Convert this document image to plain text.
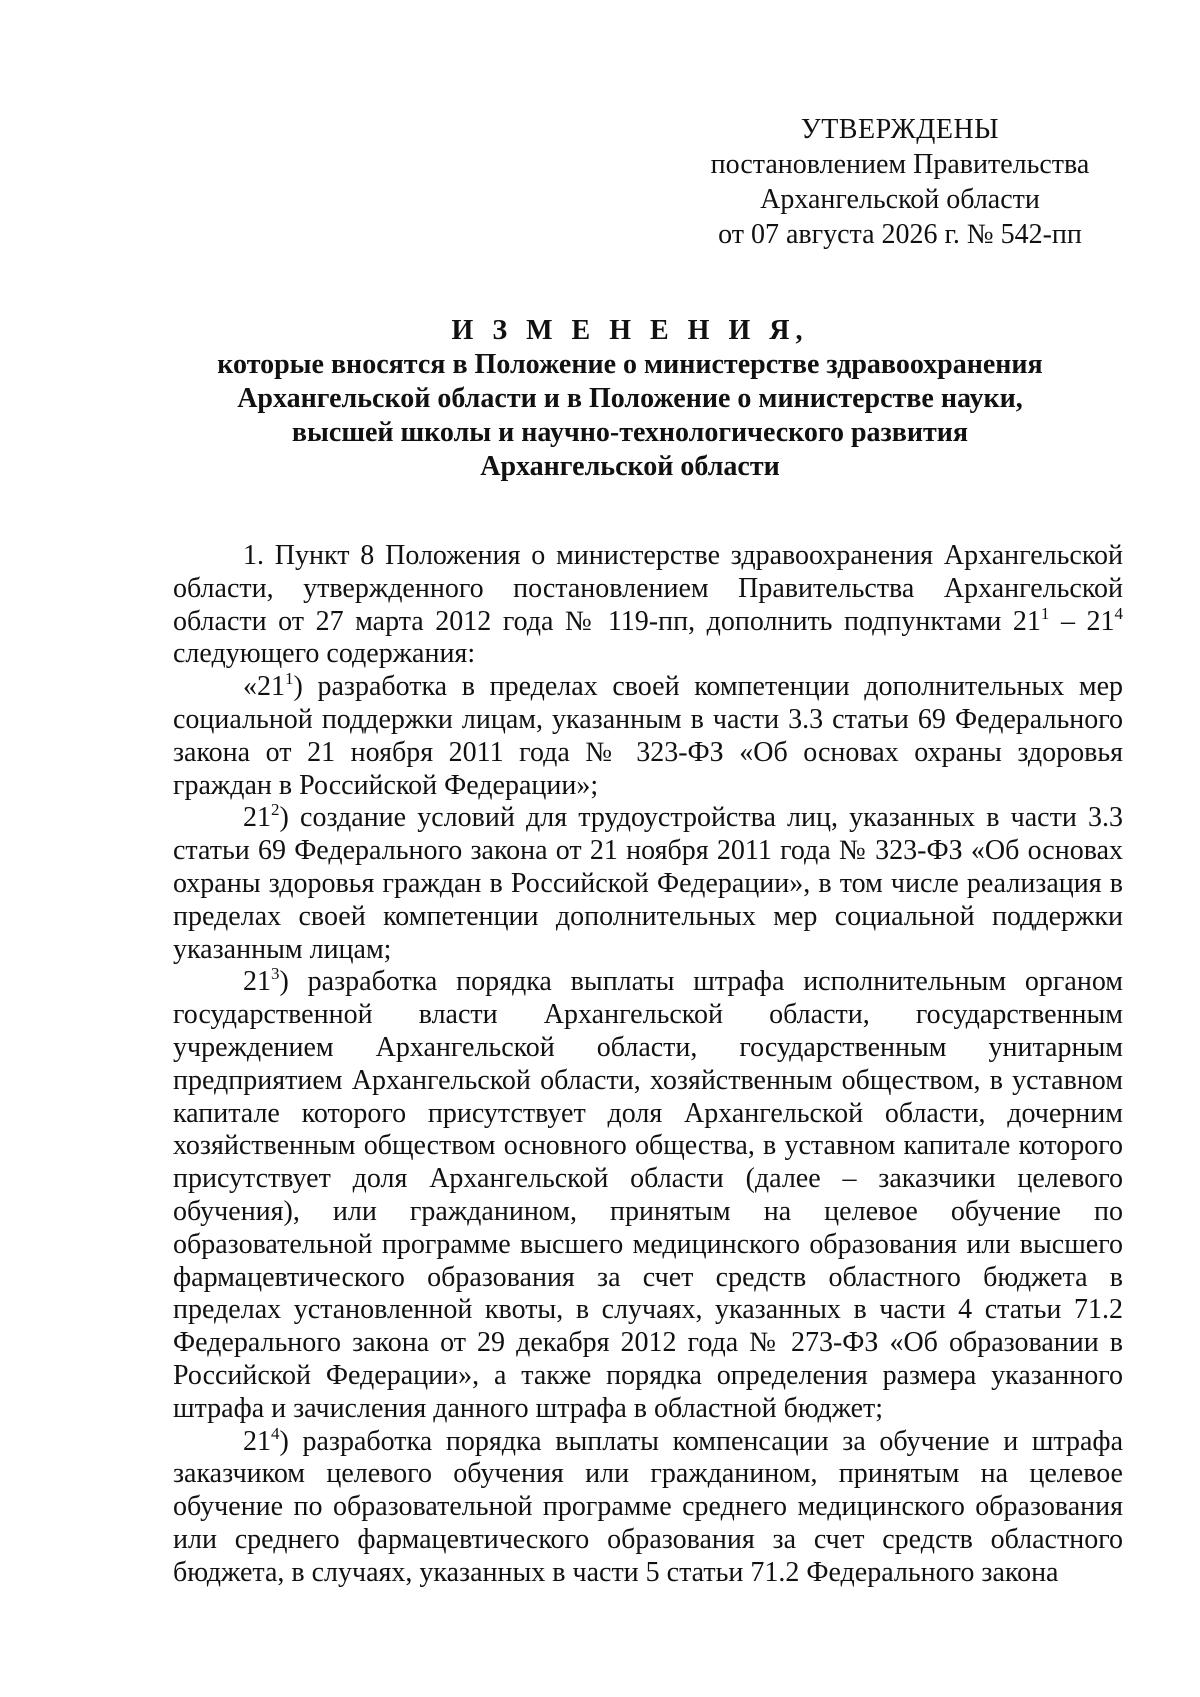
УТВЕРЖДЕНЫ
постановлением Правительства
Архангельской области
от 07 августа 2026 г. № 542-пп
И З М Е Н Е Н И Я,
которые вносятся в Положение о министерстве здравоохранения
Архангельской области и в Положение о министерстве науки,
высшей школы и научно-технологического развития
Архангельской области

1. Пункт 8 Положения о министерстве здравоохранения Архангельской области, утвержденного постановлением Правительства Архангельской области от 27 марта 2012 года № 119-пп, дополнить подпунктами $21^1 - 21^4$ следующего содержания:

«$21^1$) разработка в пределах своей компетенции дополнительных мер социальной поддержки лицам, указанным в части 3.3 статьи 69 Федерального закона от 21 ноября 2011 года № 323-ФЗ «Об основах охраны здоровья граждан в Российской Федерации»;

$21^2$) создание условий для трудоустройства лиц, указанных в части 3.3 статьи 69 Федерального закона от 21 ноября 2011 года № 323-ФЗ «Об основах охраны здоровья граждан в Российской Федерации», в том числе реализация в пределах своей компетенции дополнительных мер социальной поддержки указанным лицам;

$21^3$) разработка порядка выплаты штрафа исполнительным органом государственной власти Архангельской области, государственным учреждением Архангельской области, государственным унитарным предприятием Архангельской области, хозяйственным обществом, в уставном капитале которого присутствует доля Архангельской области, дочерним хозяйственным обществом основного общества, в уставном капитале которого присутствует доля Архангельской области (далее – заказчики целевого обучения), или гражданином, принятым на целевое обучение по образовательной программе высшего медицинского образования или высшего фармацевтического образования за счет средств областного бюджета в пределах установленной квоты, в случаях, указанных в части 4 статьи 71.2 Федерального закона от 29 декабря 2012 года № 273-ФЗ «Об образовании в Российской Федерации», а также порядка определения размера указанного штрафа и зачисления данного штрафа в областной бюджет;

$21^4$) разработка порядка выплаты компенсации за обучение и штрафа заказчиком целевого обучения или гражданином, принятым на целевое обучение по образовательной программе среднего медицинского образования или среднего фармацевтического образования за счет средств областного бюджета, в случаях, указанных в части 5 статьи 71.2 Федерального закона
